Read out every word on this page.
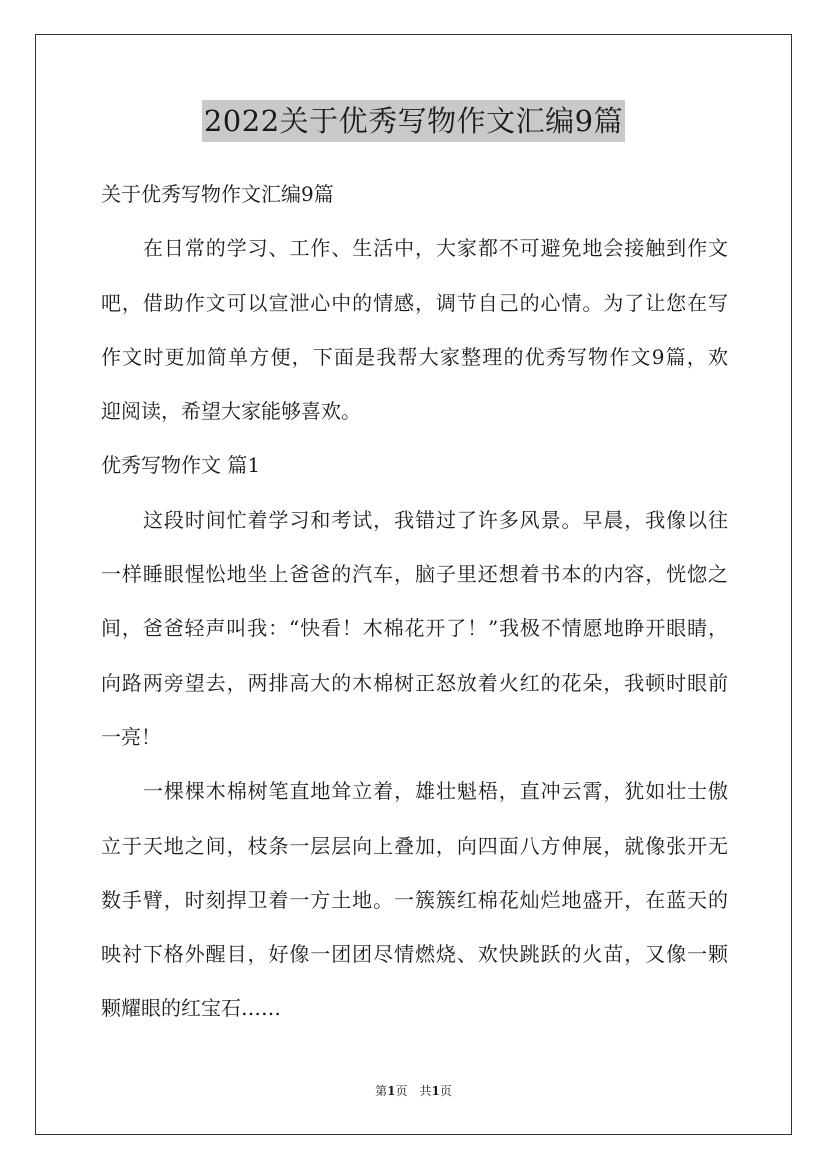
2022关于优秀写物作文汇编9篇
关于优秀写物作文汇编9篇
在日常的学习、工作、生活中，大家都不可避免地会接触到作文
吧，借助作文可以宣泄心中的情感，调节自己的心情。为了让您在写
作文时更加简单方便，下面是我帮大家整理的优秀写物作文9篇，欢
迎阅读，希望大家能够喜欢。
优秀写物作文 篇1
这段时间忙着学习和考试，我错过了许多风景。早晨，我像以往
一样睡眼惺忪地坐上爸爸的汽车，脑子里还想着书本的内容，恍惚之
间，爸爸轻声叫我：“快看！木棉花开了！”我极不情愿地睁开眼睛，
向路两旁望去，两排高大的木棉树正怒放着火红的花朵，我顿时眼前
一亮！
一棵棵木棉树笔直地耸立着，雄壮魁梧，直冲云霄，犹如壮士傲
立于天地之间，枝条一层层向上叠加，向四面八方伸展，就像张开无
数手臂，时刻捍卫着一方土地。一簇簇红棉花灿烂地盛开，在蓝天的
映衬下格外醒目，好像一团团尽情燃烧、欢快跳跃的火苗，又像一颗
颗耀眼的红宝石……
第1页　共1页
